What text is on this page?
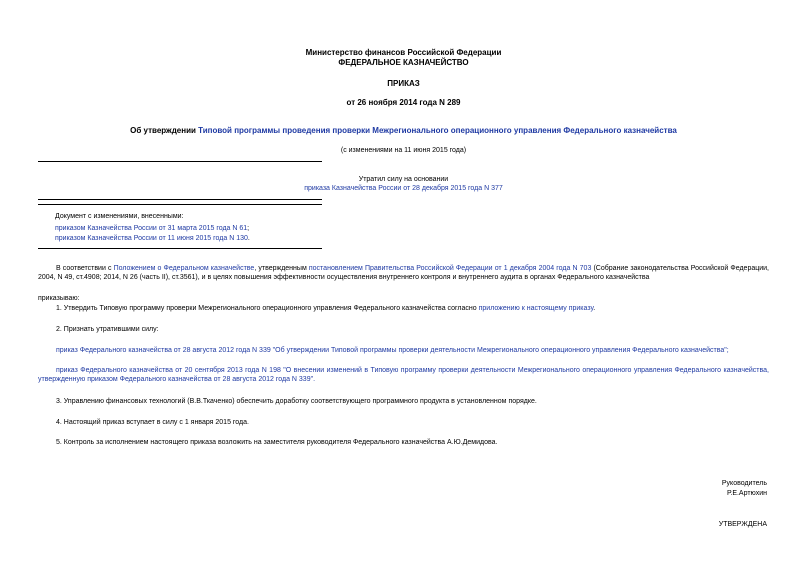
Министерство финансов Российской Федерации
ФЕДЕРАЛЬНОЕ КАЗНАЧЕЙСТВО
ПРИКАЗ
от 26 ноября 2014 года N 289
Об утверждении Типовой программы проведения проверки Межрегионального операционного управления Федерального казначейства
(с изменениями на 11 июня 2015 года)
Утратил силу на основании
приказа Казначейства России от 28 декабря 2015 года N 377
Документ с изменениями, внесенными:
приказом Казначейства России от 31 марта 2015 года N 61;
приказом Казначейства России от 11 июня 2015 года N 130.
В соответствии с Положением о Федеральном казначействе, утвержденным постановлением Правительства Российской Федерации от 1 декабря 2004 года N 703 (Собрание законодательства Российской Федерации, 2004, N 49, ст.4908; 2014, N 26 (часть II), ст.3561), и в целях повышения эффективности осуществления внутреннего контроля и внутреннего аудита в органах Федерального казначейства
приказываю:
1. Утвердить Типовую программу проверки Межрегионального операционного управления Федерального казначейства согласно приложению к настоящему приказу.
2. Признать утратившими силу:
приказ Федерального казначейства от 28 августа 2012 года N 339 "Об утверждении Типовой программы проверки деятельности Межрегионального операционного управления Федерального казначейства";
приказ Федерального казначейства от 20 сентября 2013 года N 198 "О внесении изменений в Типовую программу проверки деятельности Межрегионального операционного управления Федерального казначейства, утвержденную приказом Федерального казначейства от 28 августа 2012 года N 339".
3. Управлению финансовых технологий (В.В.Ткаченко) обеспечить доработку соответствующего программного продукта в установленном порядке.
4. Настоящий приказ вступает в силу с 1 января 2015 года.
5. Контроль за исполнением настоящего приказа возложить на заместителя руководителя Федерального казначейства А.Ю.Демидова.
Руководитель
Р.Е.Артюхин
УТВЕРЖДЕНА
